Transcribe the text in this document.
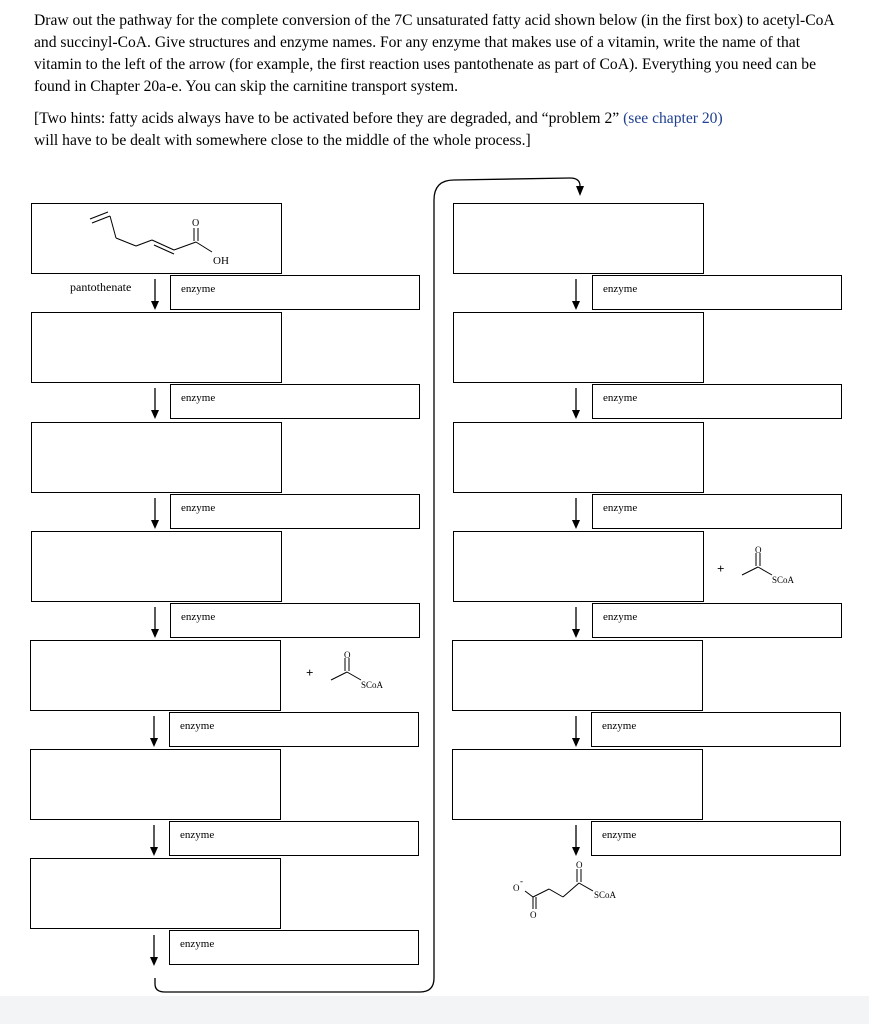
Draw out the pathway for the complete conversion of the 7C unsaturated fatty acid shown below (in the first box) to acetyl-CoA and succinyl-CoA. Give structures and enzyme names. For any enzyme that makes use of a vitamin, write the name of that vitamin to the left of the arrow (for example, the first reaction uses pantothenate as part of CoA). Everything you need can be found in Chapter 20a-e. You can skip the carnitine transport system.
[Two hints: fatty acids always have to be activated before they are degraded, and “problem 2” (see chapter 20)
will have to be dealt with somewhere close to the middle of the whole process.]
O
OH
pantothenate	enzyme
enzyme
enzyme
enzyme
enzyme
enzyme
enzyme
+
O
SCoA
enzyme
enzyme
enzyme
enzyme
enzyme
enzyme
+
O
SCoA
O
-
O
O
SCoA
